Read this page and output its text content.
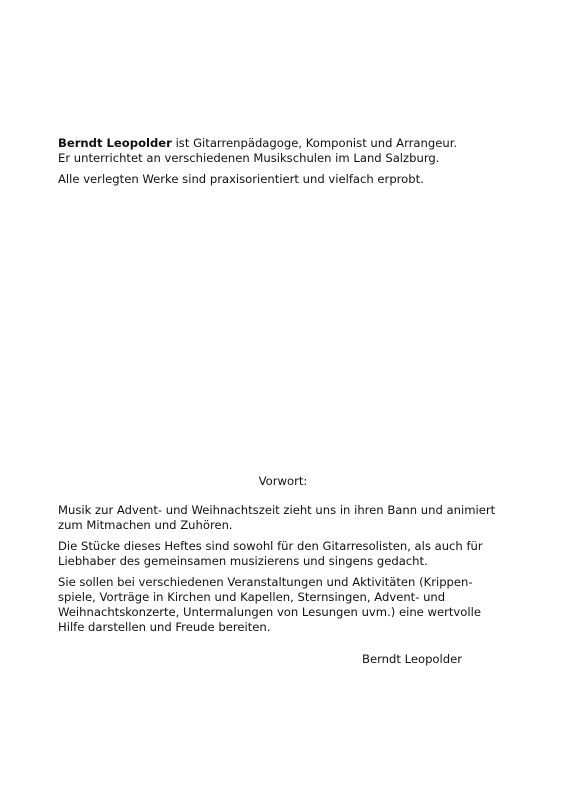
Berndt Leopolder ist Gitarrenpädagoge, Komponist und Arrangeur.
Er unterrichtet an verschiedenen Musikschulen im Land Salzburg.

Alle verlegten Werke sind praxisorientiert und vielfach erprobt.

Vorwort:

Musik zur Advent- und Weihnachtszeit zieht uns in ihren Bann und animiert
zum Mitmachen und Zuhören.

Die Stücke dieses Heftes sind sowohl für den Gitarresolisten, als auch für
Liebhaber des gemeinsamen musizierens und singens gedacht.

Sie sollen bei verschiedenen Veranstaltungen und Aktivitäten (Krippen-
spiele, Vorträge in Kirchen und Kapellen, Sternsingen, Advent- und
Weihnachtskonzerte, Untermalungen von Lesungen uvm.) eine wertvolle
Hilfe darstellen und Freude bereiten.

Berndt Leopolder
